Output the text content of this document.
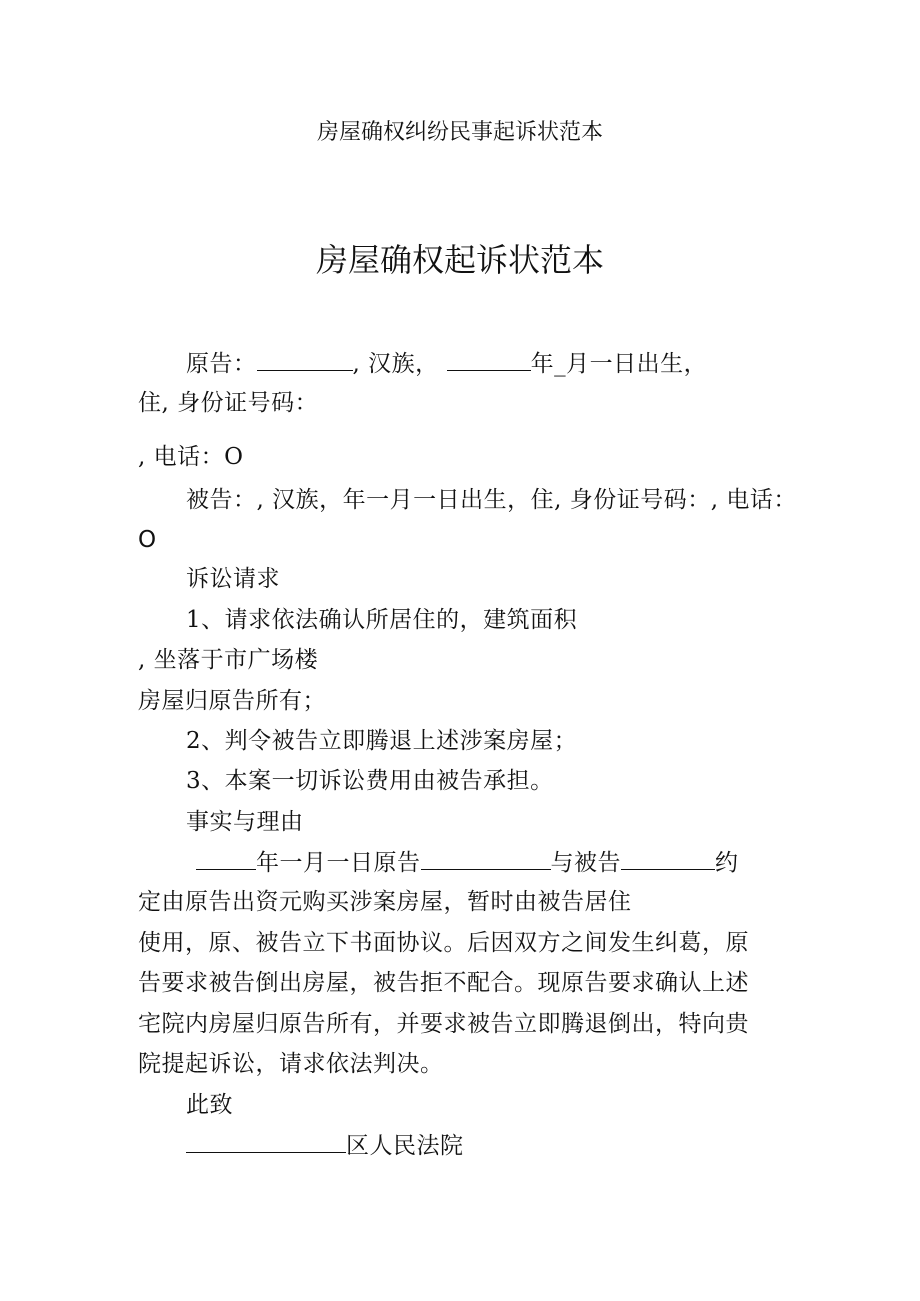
房屋确权纠纷民事起诉状范本
房屋确权起诉状范本
原告：	, 汉族，	年_月一日出生，
住, 身份证号码：
, 电话：O
被告：, 汉族，年一月一日出生，住, 身份证号码：, 电话：
O
诉讼请求
1、请求依法确认所居住的，建筑面积
, 坐落于市广场楼
房屋归原告所有；
2、判令被告立即腾退上述涉案房屋；
3、本案一切诉讼费用由被告承担。
事实与理由
年一月一日原告	与被告	约
定由原告出资元购买涉案房屋，暂时由被告居住
使用，原、被告立下书面协议。后因双方之间发生纠葛，原
告要求被告倒出房屋，被告拒不配合。现原告要求确认上述
宅院内房屋归原告所有，并要求被告立即腾退倒出，特向贵
院提起诉讼，请求依法判决。
此致
区人民法院
